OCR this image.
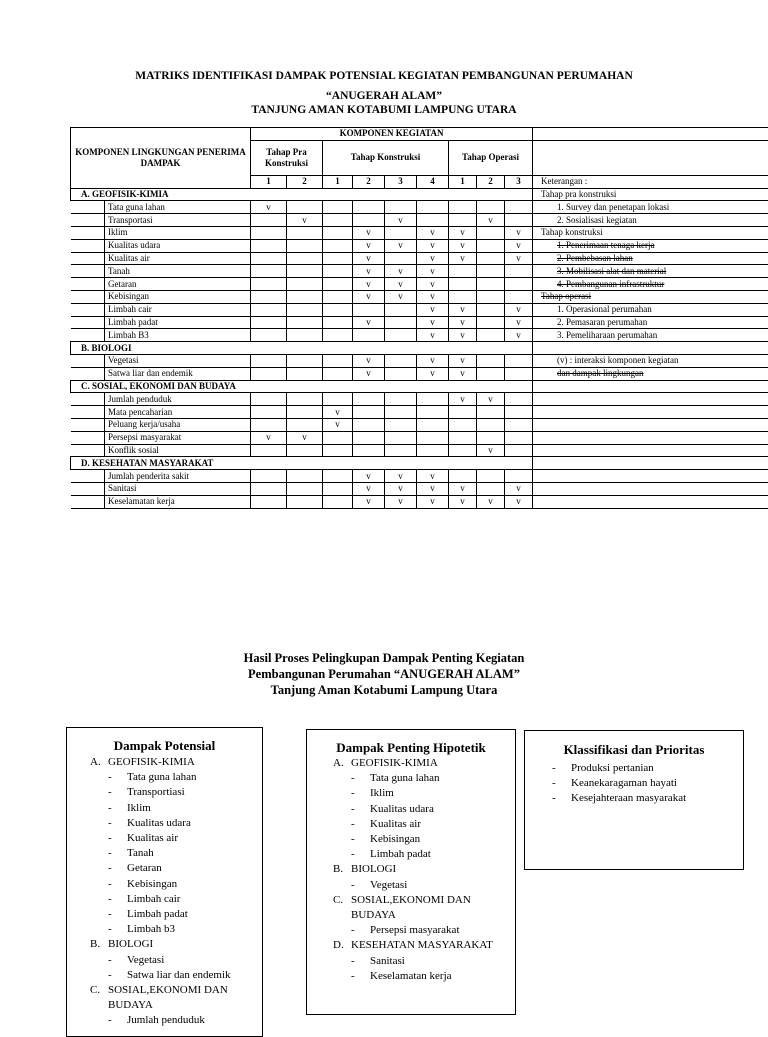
MATRIKS IDENTIFIKASI DAMPAK POTENSIAL KEGIATAN PEMBANGUNAN PERUMAHAN
“ANUGERAH ALAM”
TANJUNG AMAN KOTABUMI LAMPUNG UTARA
KOMPONEN LINGKUNGAN PENERIMA DAMPAK		KOMPONEN KEGIATAN									
		Tahap Pra Konstruksi		Tahap Konstruksi				Tahap Operasi			
		1	2	1	2	3	4	1	2	3	Keterangan :
A. GEOFISIK-KIMIA											Tahap pra konstruksi
	Tata guna lahan	v									1. Survey dan penetapan lokasi
	Transportasi		v			v			v		2. Sosialisasi kegiatan
	Iklim				v		v	v		v	Tahap konstruksi
	Kualitas udara				v	v	v	v		v	1. Penerimaan tenaga kerja
	Kualitas air				v		v	v		v	2. Pembebasan lahan
	Tanah				v	v	v				3. Mobilisasi alat dan material
	Getaran				v	v	v				4. Pembangunan infrastruktur
	Kebisingan				v	v	v				Tahap operasi
	Limbah cair						v	v		v	1. Operasional perumahan
	Limbah padat				v		v	v		v	2. Pemasaran perumahan
	Limbah B3						v	v		v	3. Pemeliharaan perumahan
B. BIOLOGI											
	Vegetasi				v		v	v			(v) : interaksi komponen kegiatan
	Satwa liar dan endemik				v		v	v			dan dampak lingkungan
C. SOSIAL, EKONOMI DAN BUDAYA											
	Jumlah penduduk							v	v		
	Mata pencaharian			v							
	Peluang kerja/usaha			v							
	Persepsi masyarakat	v	v								
	Konflik sosial								v		
D. KESEHATAN MASYARAKAT											
	Jumlah penderita sakit				v	v	v				
	Sanitasi				v	v	v	v		v	
	Keselamatan kerja				v	v	v	v	v	v	
Hasil Proses Pelingkupan Dampak Penting Kegiatan
Pembangunan Perumahan “ANUGERAH ALAM”
Tanjung Aman Kotabumi Lampung Utara
Dampak Potensial
A. GEOFISIK-KIMIA
-	Tata guna lahan
-	Transportiasi
-	Iklim
-	Kualitas udara
-	Kualitas air
-	Tanah
-	Getaran
-	Kebisingan
-	Limbah cair
-	Limbah padat
-	Limbah b3
B. BIOLOGI
-	Vegetasi
-	Satwa liar dan endemik
C. SOSIAL,EKONOMI DAN BUDAYA
-	Jumlah penduduk
Dampak Penting Hipotetik
A. GEOFISIK-KIMIA
-	Tata guna lahan
-	Iklim
-	Kualitas udara
-	Kualitas air
-	Kebisingan
-	Limbah padat
B. BIOLOGI
-	Vegetasi
C. SOSIAL,EKONOMI DAN BUDAYA
-	Persepsi masyarakat
D. KESEHATAN MASYARAKAT
-	Sanitasi
-	Keselamatan kerja
Klassifikasi dan Prioritas
-	Produksi pertanian
-	Keanekaragaman hayati
-	Kesejahteraan masyarakat
